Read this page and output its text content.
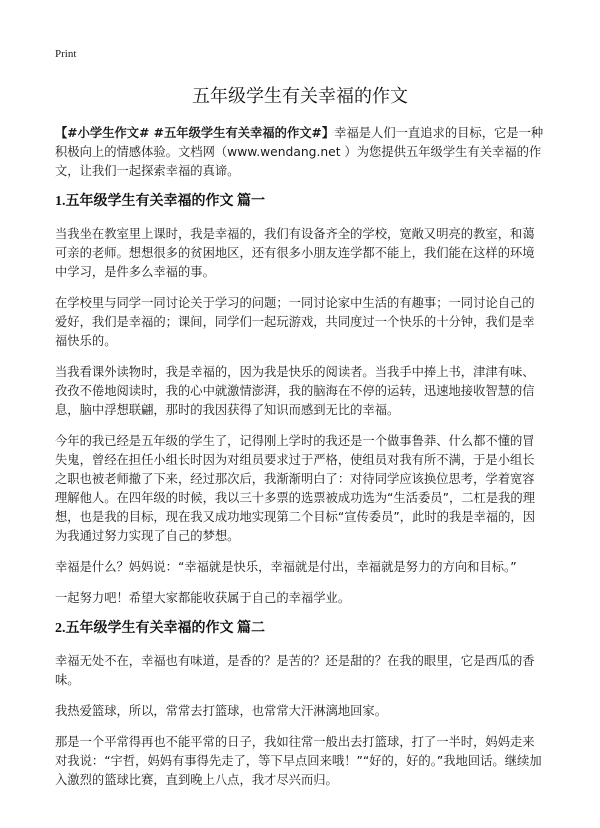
Print
五年级学生有关幸福的作文

【#小学生作文# #五年级学生有关幸福的作文#】幸福是人们一直追求的目标，它是一种积极向上的情感体验。文档网（www.wendang.net ）为您提供五年级学生有关幸福的作文，让我们一起探索幸福的真谛。

1.五年级学生有关幸福的作文 篇一

当我坐在教室里上课时，我是幸福的，我们有设备齐全的学校，宽敞又明亮的教室，和蔼可亲的老师。想想很多的贫困地区，还有很多小朋友连学都不能上，我们能在这样的环境中学习，是件多么幸福的事。

在学校里与同学一同讨论关于学习的问题；一同讨论家中生活的有趣事；一同讨论自己的爱好，我们是幸福的；课间，同学们一起玩游戏，共同度过一个快乐的十分钟，我们是幸福快乐的。

当我看课外读物时，我是幸福的，因为我是快乐的阅读者。当我手中捧上书，津津有味、孜孜不倦地阅读时，我的心中就激情澎湃，我的脑海在不停的运转，迅速地接收智慧的信息，脑中浮想联翩，那时的我因获得了知识而感到无比的幸福。

今年的我已经是五年级的学生了，记得刚上学时的我还是一个做事鲁莽、什么都不懂的冒失鬼，曾经在担任小组长时因为对组员要求过于严格，使组员对我有所不满，于是小组长之职也被老师撤了下来，经过那次后，我渐渐明白了：对待同学应该换位思考，学着宽容理解他人。在四年级的时候，我以三十多票的选票被成功选为“生活委员”，二杠是我的理想，也是我的目标，现在我又成功地实现第二个目标“宣传委员”，此时的我是幸福的，因为我通过努力实现了自己的梦想。

幸福是什么？妈妈说：“幸福就是快乐，幸福就是付出，幸福就是努力的方向和目标。”

一起努力吧！希望大家都能收获属于自己的幸福学业。

2.五年级学生有关幸福的作文 篇二

幸福无处不在，幸福也有味道，是香的？是苦的？还是甜的？在我的眼里，它是西瓜的香味。

我热爱篮球，所以，常常去打篮球，也常常大汗淋漓地回家。

那是一个平常得再也不能平常的日子，我如往常一般出去打篮球，打了一半时，妈妈走来对我说：“宇哲，妈妈有事得先走了，等下早点回来哦！”“好的，好的。”我地回话。继续加入激烈的篮球比赛，直到晚上八点，我才尽兴而归。
